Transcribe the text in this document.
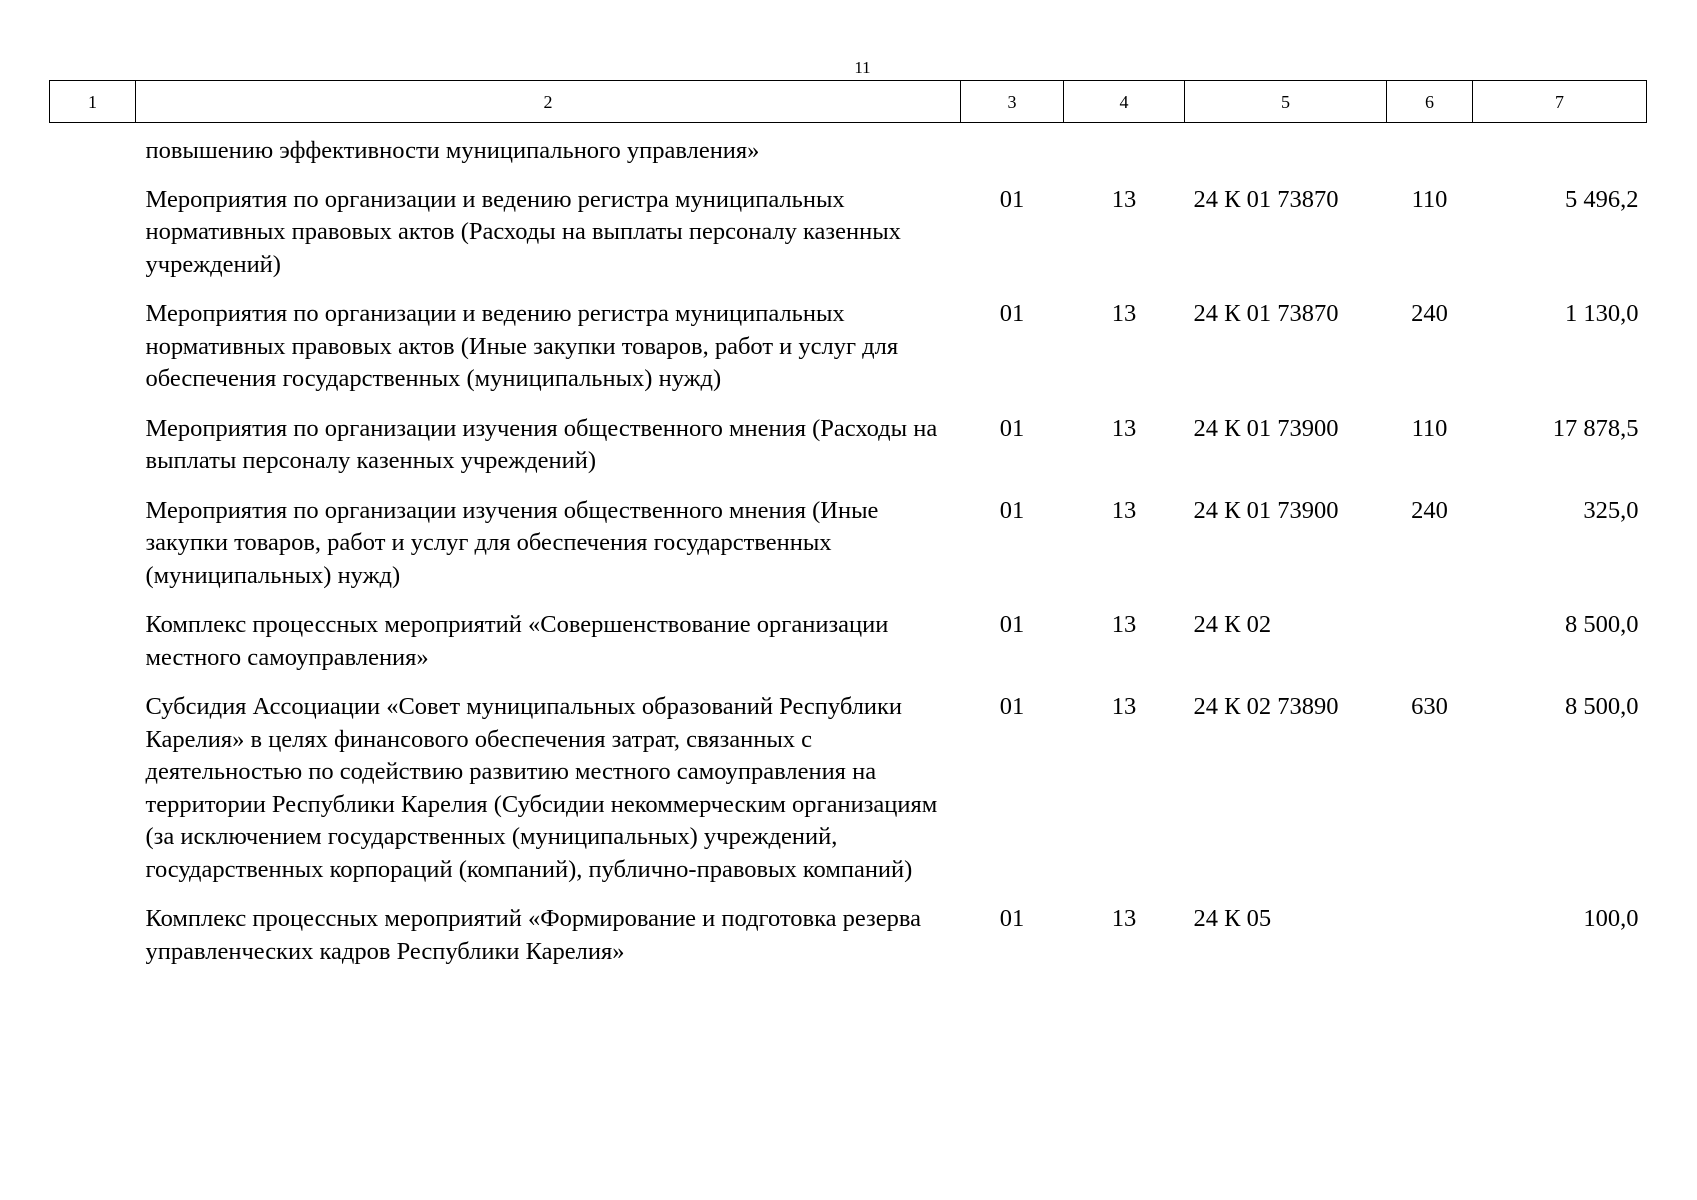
11
1	2	3	4	5	6	7
повышению эффективности муниципального управления»						
Мероприятия по организации и ведению регистра муниципальных нормативных правовых актов (Расходы на выплаты персоналу казенных учреждений)		01	13	24 К 01 73870	110	5 496,2
Мероприятия по организации и ведению регистра муниципальных нормативных правовых актов (Иные закупки товаров, работ и услуг для обеспечения государственных (муниципальных) нужд)		01	13	24 К 01 73870	240	1 130,0
Мероприятия по организации изучения общественного мнения (Расходы на выплаты персоналу казенных учреждений)		01	13	24 К 01 73900	110	17 878,5
Мероприятия по организации изучения общественного мнения (Иные закупки товаров, работ и услуг для обеспечения государственных (муниципальных) нужд)		01	13	24 К 01 73900	240	325,0
Комплекс процессных мероприятий «Совершенствование организации местного самоуправления»		01	13	24 К 02		8 500,0
Субсидия Ассоциации «Совет муниципальных образований Республики Карелия» в целях финансового обеспечения затрат, связанных с деятельностью по содействию развитию местного самоуправления на территории Республики Карелия (Субсидии некоммерческим организациям (за исключением государственных (муниципальных) учреждений, государственных корпораций (компаний), публично-правовых компаний)		01	13	24 К 02 73890	630	8 500,0
Комплекс процессных мероприятий «Формирование и подготовка резерва управленческих кадров Республики Карелия»		01	13	24 К 05		100,0
